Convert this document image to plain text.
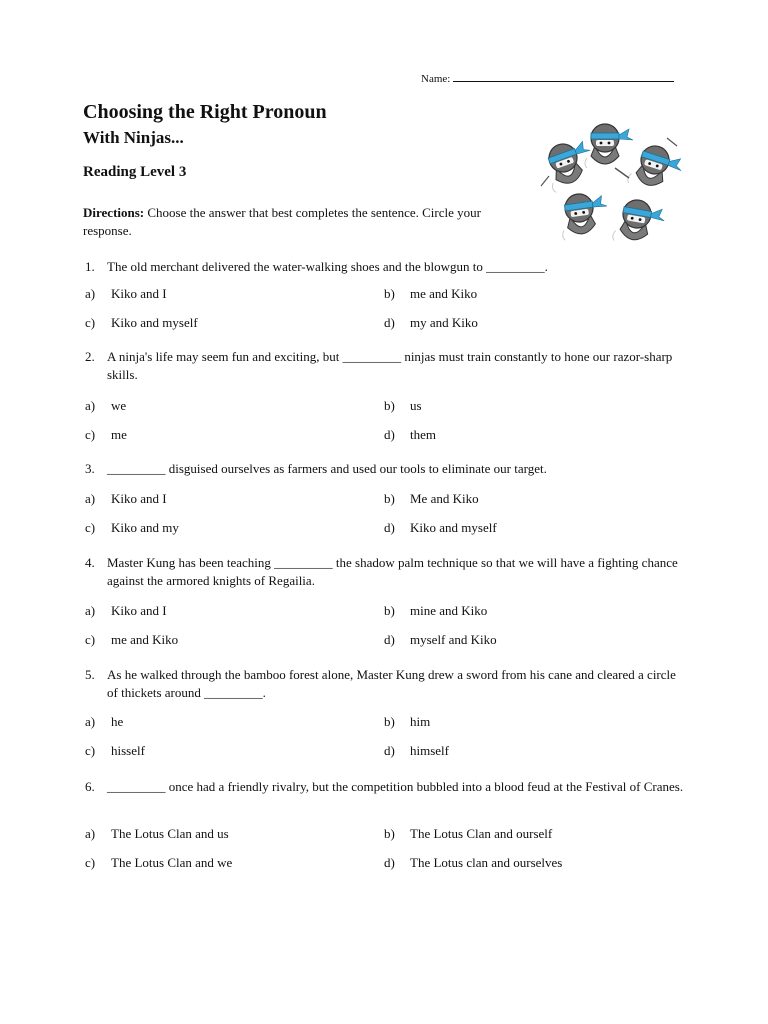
Name:
Choosing the Right Pronoun
With Ninjas...
Reading Level 3

Directions: Choose the answer that best completes the sentence. Circle your response.

1. The old merchant delivered the water-walking shoes and the blowgun to _________.
a) Kiko and I	b) me and Kiko
c) Kiko and myself	d) my and Kiko
2. A ninja's life may seem fun and exciting, but _________ ninjas must train constantly to hone our razor-sharp skills.
a) we	b) us
c) me	d) them
3. _________ disguised ourselves as farmers and used our tools to eliminate our target.
a) Kiko and I	b) Me and Kiko
c) Kiko and my	d) Kiko and myself
4. Master Kung has been teaching _________ the shadow palm technique so that we will have a fighting chance against the armored knights of Regailia.
a) Kiko and I	b) mine and Kiko
c) me and Kiko	d) myself and Kiko
5. As he walked through the bamboo forest alone, Master Kung drew a sword from his cane and cleared a circle of thickets around _________.
a) he	b) him
c) hisself	d) himself
6. _________ once had a friendly rivalry, but the competition bubbled into a blood feud at the Festival of Cranes.
a) The Lotus Clan and us	b) The Lotus Clan and ourself
c) The Lotus Clan and we	d) The Lotus clan and ourselves
